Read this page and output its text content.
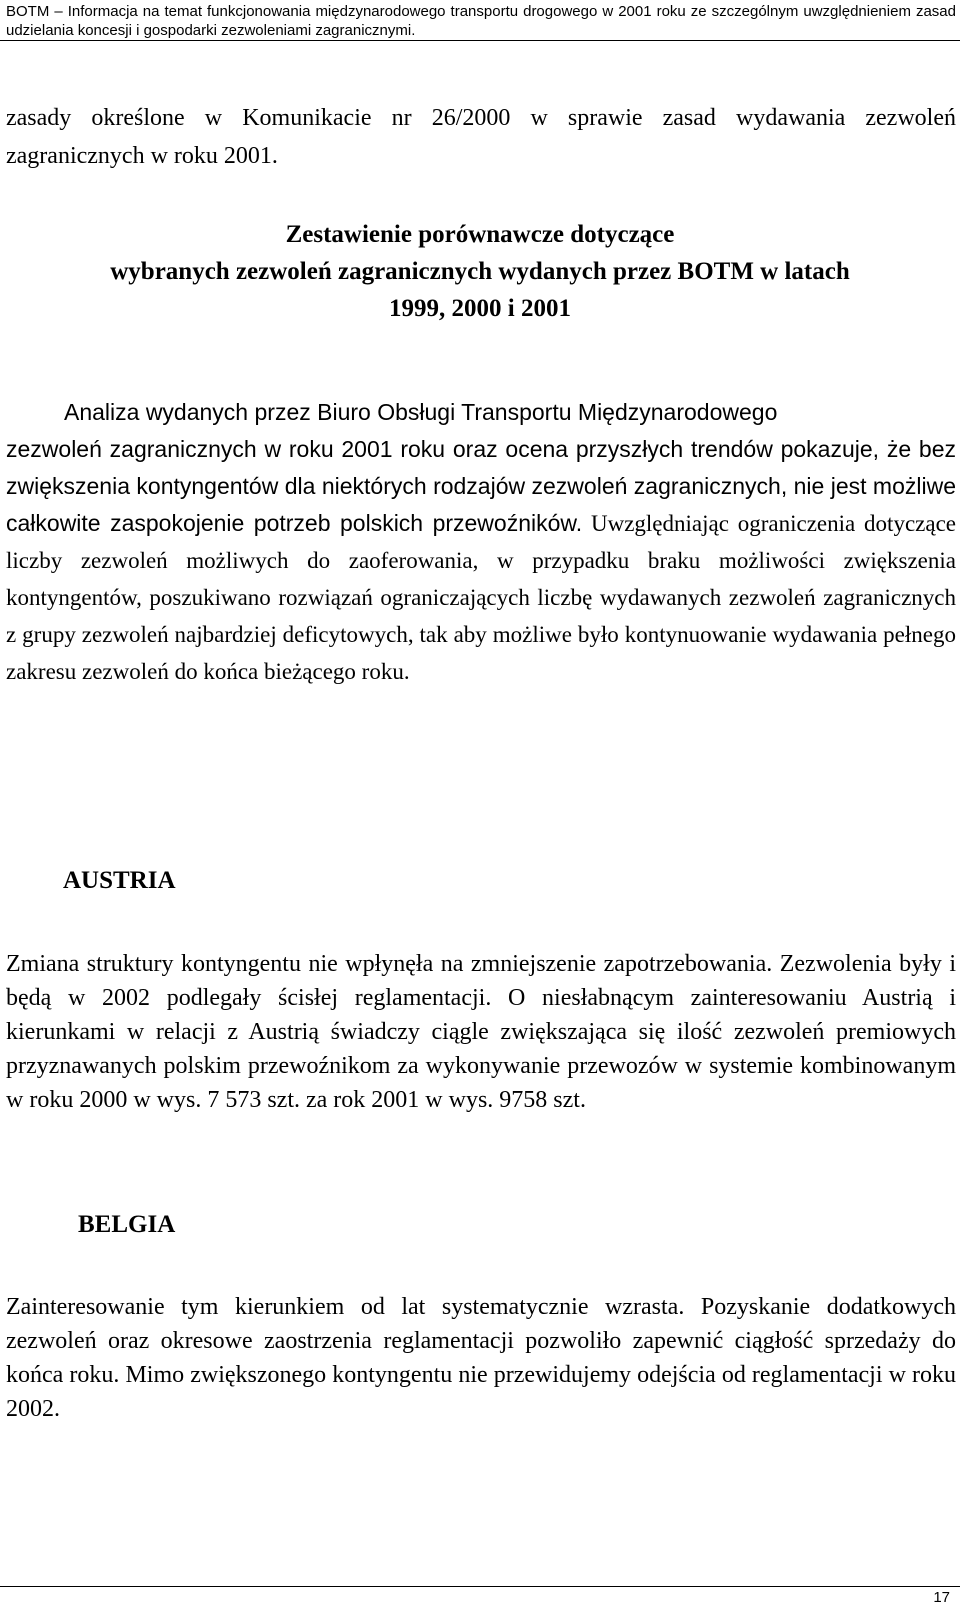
BOTM – Informacja na temat funkcjonowania międzynarodowego transportu drogowego w 2001 roku ze szczególnym uwzględnieniem zasad udzielania koncesji i gospodarki zezwoleniami zagranicznymi.

zasady określone w Komunikacie nr 26/2000 w sprawie zasad wydawania zezwoleń zagranicznych w roku 2001.

Zestawienie porównawcze dotyczące
wybranych zezwoleń zagranicznych wydanych przez BOTM w latach
1999, 2000 i 2001
Analiza wydanych przez Biuro Obsługi Transportu Międzynarodowego
zezwoleń zagranicznych w roku 2001 roku oraz ocena przyszłych trendów pokazuje, że bez zwiększenia kontyngentów dla niektórych rodzajów zezwoleń zagranicznych, nie jest możliwe całkowite zaspokojenie potrzeb polskich przewoźników. Uwzględniając ograniczenia dotyczące liczby zezwoleń możliwych do zaoferowania, w przypadku braku możliwości zwiększenia kontyngentów, poszukiwano rozwiązań ograniczających liczbę wydawanych zezwoleń zagranicznych z grupy zezwoleń najbardziej deficytowych, tak aby możliwe było kontynuowanie wydawania pełnego zakresu zezwoleń do końca bieżącego roku.
AUSTRIA

Zmiana struktury kontyngentu nie wpłynęła na zmniejszenie zapotrzebowania. Zezwolenia były i będą w 2002 podlegały ścisłej reglamentacji. O niesłabnącym zainteresowaniu Austrią i kierunkami w relacji z Austrią świadczy ciągle zwiększająca się ilość zezwoleń premiowych przyznawanych polskim przewoźnikom za wykonywanie przewozów w systemie kombinowanym w roku 2000 w wys. 7 573 szt. za rok 2001 w wys. 9758 szt.

BELGIA

Zainteresowanie tym kierunkiem od lat systematycznie wzrasta. Pozyskanie dodatkowych zezwoleń oraz okresowe zaostrzenia reglamentacji pozwoliło zapewnić ciągłość sprzedaży do końca roku. Mimo zwiększonego kontyngentu nie przewidujemy odejścia od reglamentacji w roku 2002.

17
